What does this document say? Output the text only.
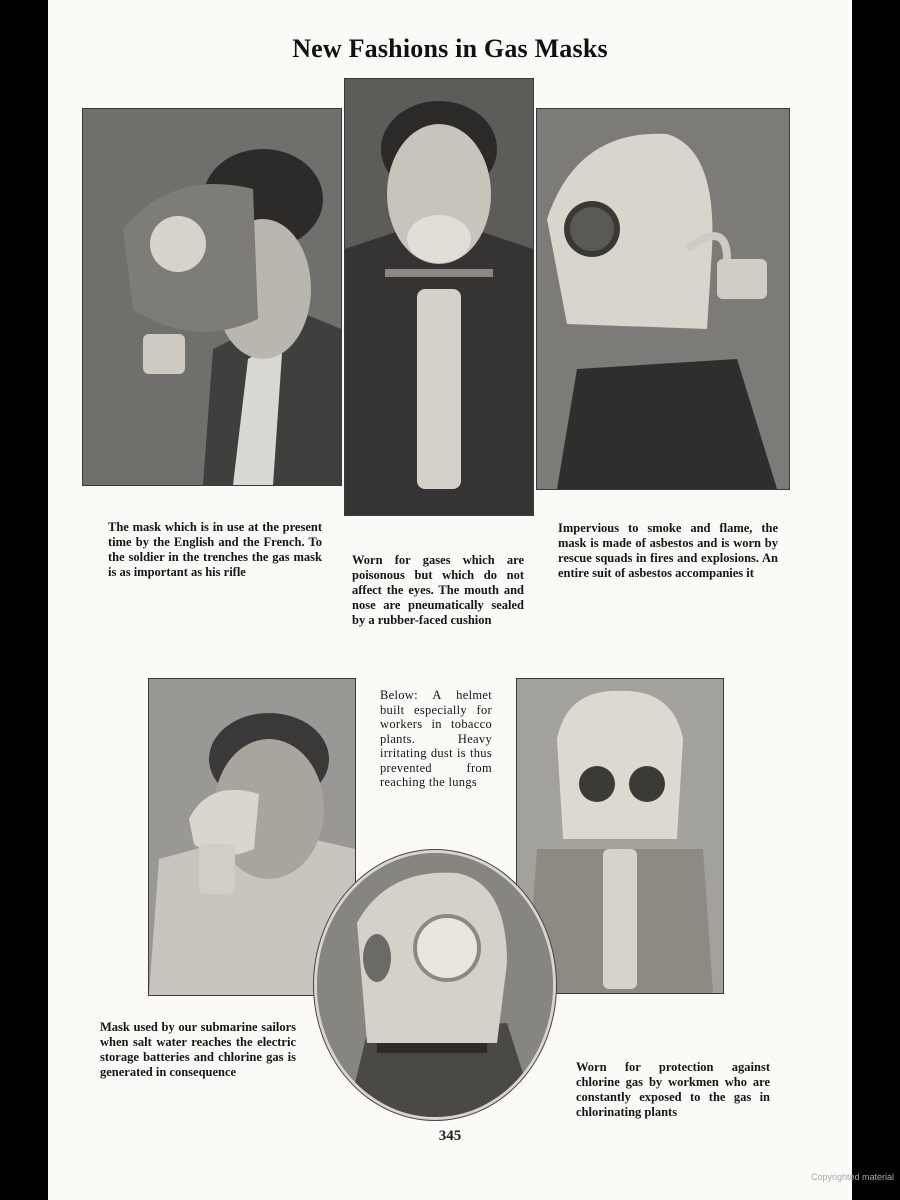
New Fashions in Gas Masks
The mask which is in use at the present time by the English and the French. To the soldier in the trenches the gas mask is as important as his rifle
Worn for gases which are poisonous but which do not affect the eyes. The mouth and nose are pneumatically sealed by a rubber-faced cushion
Impervious to smoke and flame, the mask is made of asbestos and is worn by rescue squads in fires and explosions. An entire suit of asbestos accompanies it
Below: A helmet built especially for workers in tobacco plants. Heavy irritating dust is thus prevented from reaching the lungs
Mask used by our submarine sailors when salt water reaches the electric storage batteries and chlorine gas is generated in consequence	Worn for protection against chlorine gas by workmen who are constantly exposed to the gas in chlorinating plants
345
Copyrighted material
